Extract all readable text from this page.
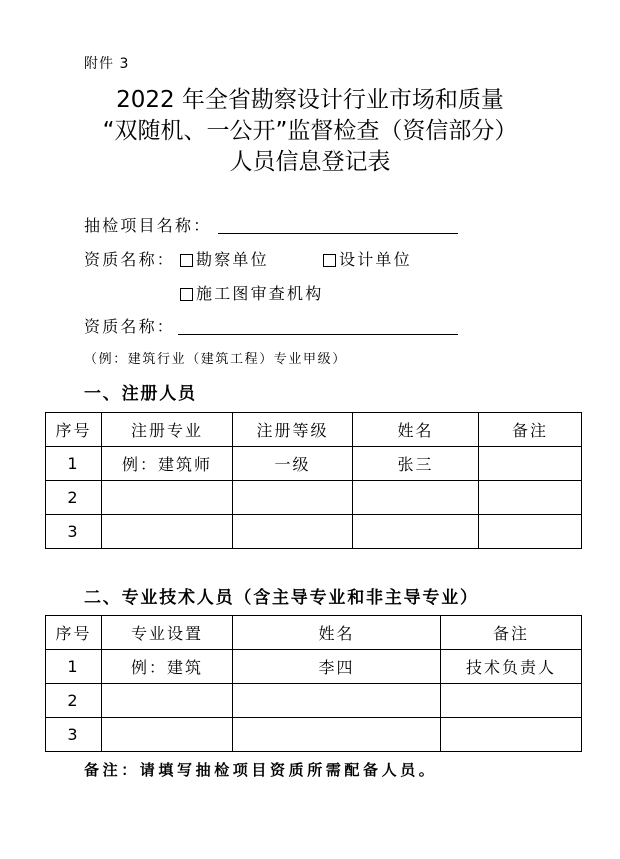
附件 3
2022 年全省勘察设计行业市场和质量
“双随机、一公开”监督检查（资信部分）
人员信息登记表
抽检项目名称：
资质名称： 勘察单位	设计单位
施工图审查机构
资质名称：
（例：建筑行业（建筑工程）专业甲级）
一、注册人员
序号	注册专业	注册等级	姓名	备注
1	例：建筑师	一级	张三	
2				
3				
二、专业技术人员（含主导专业和非主导专业）
序号	专业设置	姓名	备注
1	例：建筑	李四	技术负责人
2			
3			
备注：请填写抽检项目资质所需配备人员。
